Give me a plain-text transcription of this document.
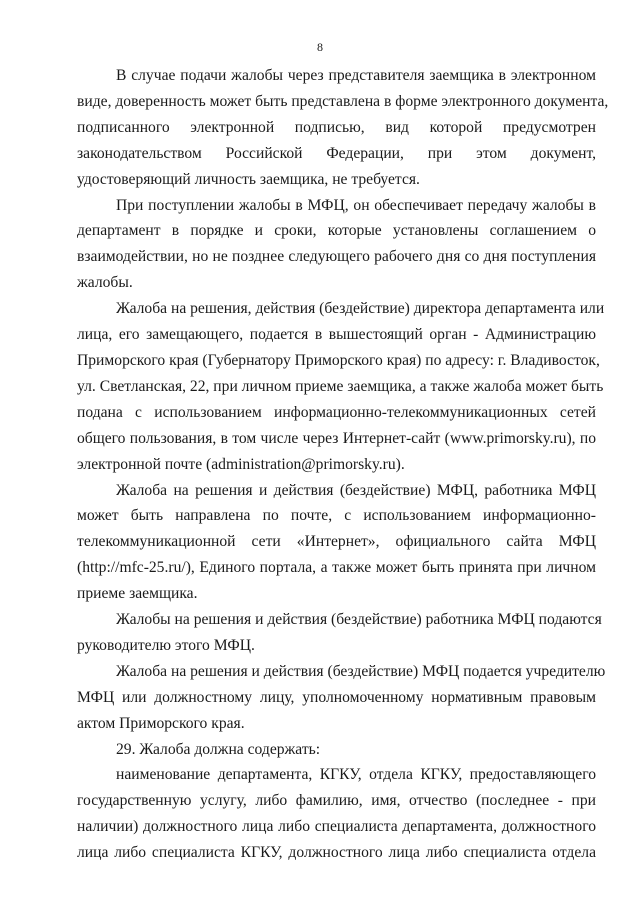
8
В случае подачи жалобы через представителя заемщика в электронном
виде, доверенность может быть представлена в форме электронного документа,
подписанного электронной подписью, вид которой предусмотрен
законодательством Российской Федерации, при этом документ,
удостоверяющий личность заемщика, не требуется.
При поступлении жалобы в МФЦ, он обеспечивает передачу жалобы в
департамент в порядке и сроки, которые установлены соглашением о
взаимодействии, но не позднее следующего рабочего дня со дня поступления
жалобы.
Жалоба на решения, действия (бездействие) директора департамента или
лица, его замещающего, подается в вышестоящий орган - Администрацию
Приморского края (Губернатору Приморского края) по адресу: г. Владивосток,
ул. Светланская, 22, при личном приеме заемщика, а также жалоба может быть
подана с использованием информационно-телекоммуникационных сетей
общего пользования, в том числе через Интернет-сайт (www.primorsky.ru), по
электронной почте (administration@primorsky.ru).
Жалоба на решения и действия (бездействие) МФЦ, работника МФЦ
может быть направлена по почте, с использованием информационно-
телекоммуникационной сети «Интернет», официального сайта МФЦ
(http://mfc-25.ru/), Единого портала, а также может быть принята при личном
приеме заемщика.
Жалобы на решения и действия (бездействие) работника МФЦ подаются
руководителю этого МФЦ.
Жалоба на решения и действия (бездействие) МФЦ подается учредителю
МФЦ или должностному лицу, уполномоченному нормативным правовым
актом Приморского края.
29. Жалоба должна содержать:
наименование департамента, КГКУ, отдела КГКУ, предоставляющего
государственную услугу, либо фамилию, имя, отчество (последнее - при
наличии) должностного лица либо специалиста департамента, должностного
лица либо специалиста КГКУ, должностного лица либо специалиста отдела
